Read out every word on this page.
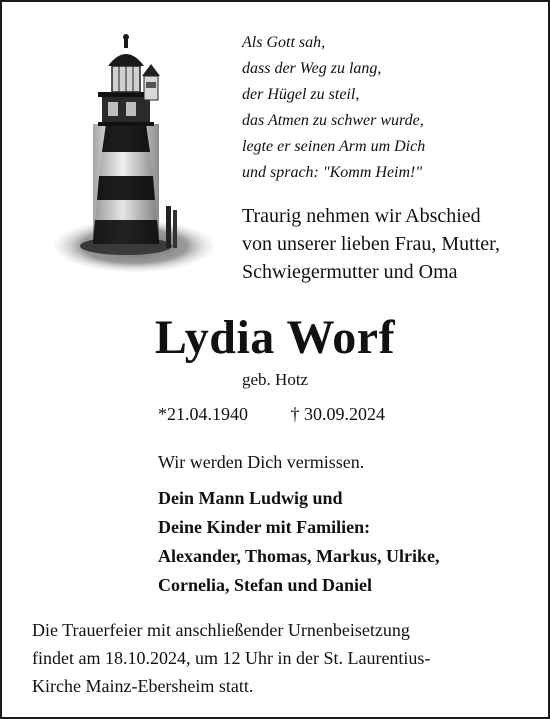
Als Gott sah,
dass der Weg zu lang,
der Hügel zu steil,
das Atmen zu schwer wurde,
legte er seinen Arm um Dich
und sprach: "Komm Heim!"
Traurig nehmen wir Abschied
von unserer lieben Frau, Mutter,
Schwiegermutter und Oma
Lydia Worf
geb. Hotz
*21.04.1940 † 30.09.2024
Wir werden Dich vermissen.
Dein Mann Ludwig und
Deine Kinder mit Familien:
Alexander, Thomas, Markus, Ulrike,
Cornelia, Stefan und Daniel
Die Trauerfeier mit anschließender Urnenbeisetzung
findet am 18.10.2024, um 12 Uhr in der St. Laurentius-
Kirche Mainz-Ebersheim statt.
